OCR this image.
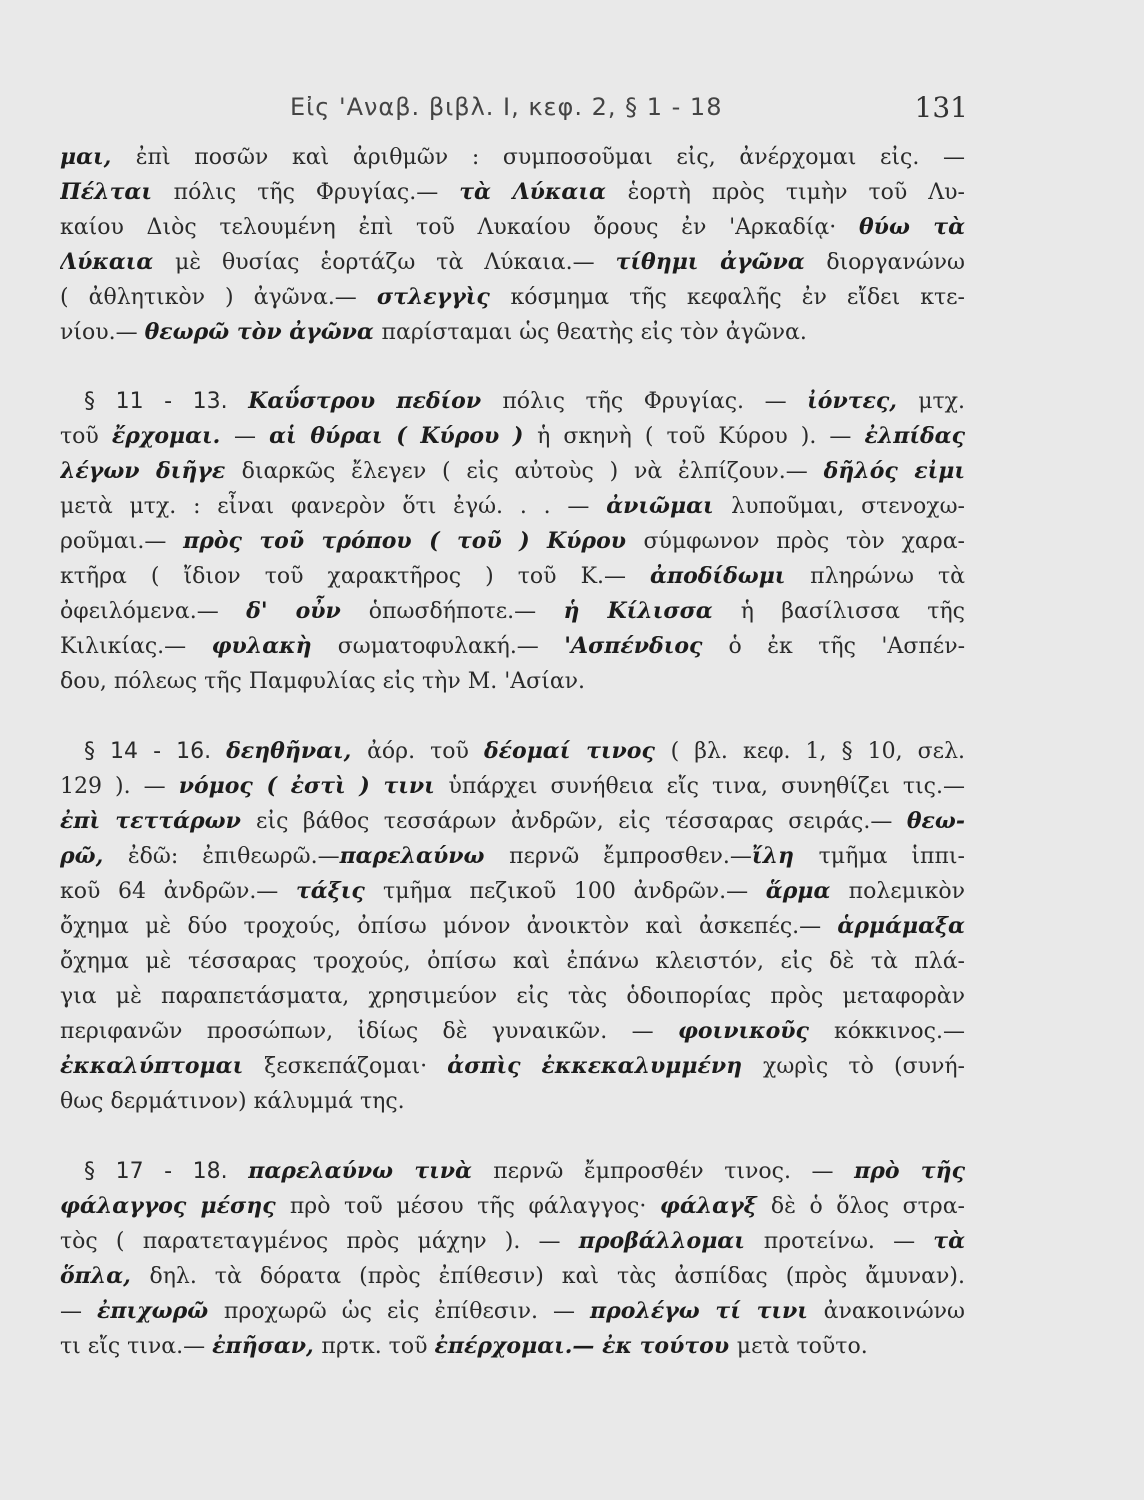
Εἰς 'Αναβ. βιβλ. Ι, κεφ. 2, § 1 - 18	131
μαι, ἐπὶ ποσῶν καὶ ἀριθμῶν : συμποσοῦμαι εἰς, ἀνέρχομαι εἰς. —
Πέλται πόλις τῆς Φρυγίας.— τὰ Λύκαια ἑορτὴ πρὸς τιμὴν τοῦ Λυ-
καίου Διὸς τελουμένη ἐπὶ τοῦ Λυκαίου ὄρους ἐν 'Αρκαδίᾳ· θύω τὰ
Λύκαια μὲ θυσίας ἑορτάζω τὰ Λύκαια.— τίθημι ἀγῶνα διοργανώνω
( ἀθλητικὸν ) ἀγῶνα.— στλεγγὶς κόσμημα τῆς κεφαλῆς ἐν εἴδει κτε-
νίου.— θεωρῶ τὸν ἀγῶνα παρίσταμαι ὡς θεατὴς εἰς τὸν ἀγῶνα.
§ 11 - 13. Καΰστρου πεδίον πόλις τῆς Φρυγίας. — ἰόντες, μτχ.
τοῦ ἔρχομαι. — αἱ θύραι ( Κύρου ) ἡ σκηνὴ ( τοῦ Κύρου ). — ἐλπίδας
λέγων διῆγε διαρκῶς ἔλεγεν ( εἰς αὐτοὺς ) νὰ ἐλπίζουν.— δῆλός εἰμι
μετὰ μτχ. : εἶναι φανερὸν ὅτι ἐγώ. . . — ἀνιῶμαι λυποῦμαι, στενοχω-
ροῦμαι.— πρὸς τοῦ τρόπου ( τοῦ ) Κύρου σύμφωνον πρὸς τὸν χαρα-
κτῆρα ( ἴδιον τοῦ χαρακτῆρος ) τοῦ Κ.— ἀποδίδωμι πληρώνω τὰ
ὀφειλόμενα.— δ' οὖν ὁπωσδήποτε.— ἡ Κίλισσα ἡ βασίλισσα τῆς
Κιλικίας.— φυλακὴ σωματοφυλακή.— 'Ασπένδιος ὁ ἐκ τῆς 'Ασπέν-
δου, πόλεως τῆς Παμφυλίας εἰς τὴν Μ. 'Ασίαν.
§ 14 - 16. δεηθῆναι, ἀόρ. τοῦ δέομαί τινος ( βλ. κεφ. 1, § 10, σελ.
129 ). — νόμος ( ἐστὶ ) τινι ὑπάρχει συνήθεια εἴς τινα, συνηθίζει τις.—
ἐπὶ τεττάρων εἰς βάθος τεσσάρων ἀνδρῶν, εἰς τέσσαρας σειράς.— θεω-
ρῶ, ἐδῶ: ἐπιθεωρῶ.—παρελαύνω περνῶ ἔμπροσθεν.—ἴλη τμῆμα ἱππι-
κοῦ 64 ἀνδρῶν.— τάξις τμῆμα πεζικοῦ 100 ἀνδρῶν.— ἅρμα πολεμικὸν
ὄχημα μὲ δύο τροχούς, ὀπίσω μόνον ἀνοικτὸν καὶ ἀσκεπές.— ἁρμάμαξα
ὄχημα μὲ τέσσαρας τροχούς, ὀπίσω καὶ ἐπάνω κλειστόν, εἰς δὲ τὰ πλά-
για μὲ παραπετάσματα, χρησιμεύον εἰς τὰς ὁδοιπορίας πρὸς μεταφορὰν
περιφανῶν προσώπων, ἰδίως δὲ γυναικῶν. — φοινικοῦς κόκκινος.—
ἐκκαλύπτομαι ξεσκεπάζομαι· ἀσπὶς ἐκκεκαλυμμένη χωρὶς τὸ (συνή-
θως δερμάτινον) κάλυμμά της.
§ 17 - 18. παρελαύνω τινὰ περνῶ ἔμπροσθέν τινος. — πρὸ τῆς
φάλαγγος μέσης πρὸ τοῦ μέσου τῆς φάλαγγος· φάλαγξ δὲ ὁ ὅλος στρα-
τὸς ( παρατεταγμένος πρὸς μάχην ). — προβάλλομαι προτείνω. — τὰ
ὅπλα, δηλ. τὰ δόρατα (πρὸς ἐπίθεσιν) καὶ τὰς ἀσπίδας (πρὸς ἄμυναν).
— ἐπιχωρῶ προχωρῶ ὡς εἰς ἐπίθεσιν. — προλέγω τί τινι ἀνακοινώνω
τι εἴς τινα.— ἐπῆσαν, πρτκ. τοῦ ἐπέρχομαι.— ἐκ τούτου μετὰ τοῦτο.
